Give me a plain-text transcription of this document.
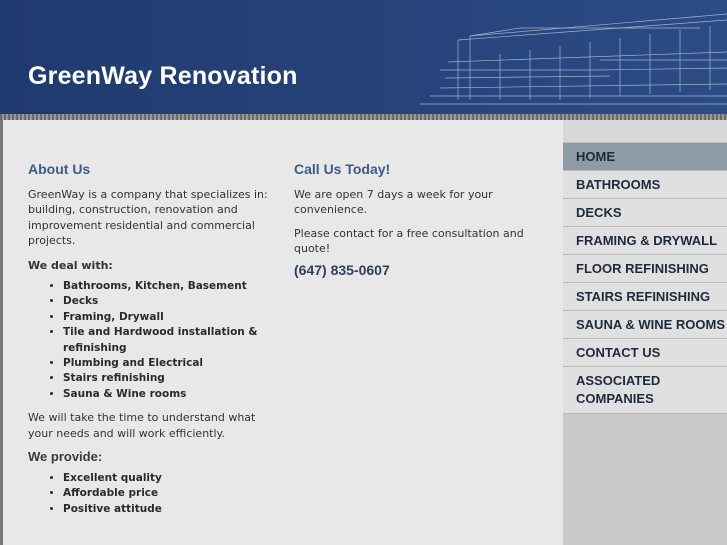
GreenWay Renovation
About Us

GreenWay is a company that specializes in: building, construction, renovation and improvement residential and commercial projects.

We deal with:

• Bathrooms, Kitchen, Basement
• Decks
• Framing, Drywall
• Tile and Hardwood installation & refinishing
• Plumbing and Electrical
• Stairs refinishing
• Sauna & Wine rooms

We will take the time to understand what your needs and will work efficiently.

We provide:
• Excellent quality
• Affordable price
• Positive attitude
Call Us Today!

We are open 7 days a week for your convenience.

Please contact for a free consultation and quote!

(647) 835-0607
HOME
BATHROOMS
DECKS
FRAMING & DRYWALL
FLOOR REFINISHING
STAIRS REFINISHING
SAUNA & WINE ROOMS
CONTACT US
ASSOCIATED COMPANIES
